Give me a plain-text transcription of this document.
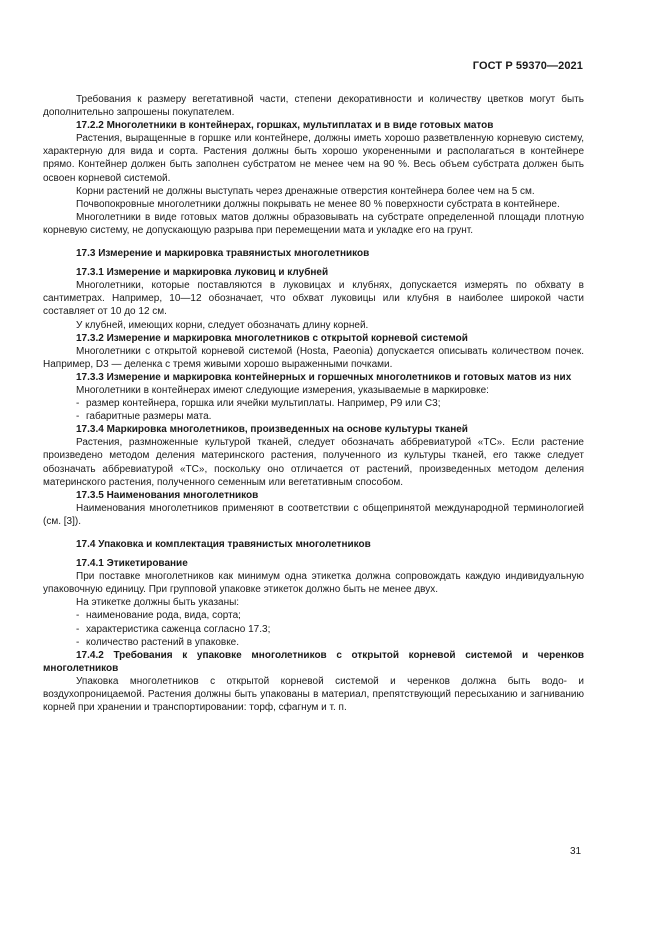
ГОСТ Р 59370—2021

Требования к размеру вегетативной части, степени декоративности и количеству цветков могут быть дополнительно запрошены покупателем.

17.2.2 Многолетники в контейнерах, горшках, мультиплатах и в виде готовых матов

Растения, выращенные в горшке или контейнере, должны иметь хорошо разветвленную корневую систему, характерную для вида и сорта. Растения должны быть хорошо укорененными и располагаться в контейнере прямо. Контейнер должен быть заполнен субстратом не менее чем на 90 %. Весь объем субстрата должен быть освоен корневой системой.

Корни растений не должны выступать через дренажные отверстия контейнера более чем на 5 см.

Почвопокровные многолетники должны покрывать не менее 80 % поверхности субстрата в контейнере.

Многолетники в виде готовых матов должны образовывать на субстрате определенной площади плотную корневую систему, не допускающую разрыва при перемещении мата и укладке его на грунт.

17.3 Измерение и маркировка травянистых многолетников

17.3.1 Измерение и маркировка луковиц и клубней

Многолетники, которые поставляются в луковицах и клубнях, допускается измерять по обхвату в сантиметрах. Например, 10—12 обозначает, что обхват луковицы или клубня в наиболее широкой части составляет от 10 до 12 см.

У клубней, имеющих корни, следует обозначать длину корней.

17.3.2 Измерение и маркировка многолетников с открытой корневой системой

Многолетники с открытой корневой системой (Hosta, Paeonia) допускается описывать количеством почек. Например, D3 — деленка с тремя живыми хорошо выраженными почками.

17.3.3 Измерение и маркировка контейнерных и горшечных многолетников и готовых матов из них

Многолетники в контейнерах имеют следующие измерения, указываемые в маркировке:

- размер контейнера, горшка или ячейки мультиплаты. Например, P9 или C3;

- габаритные размеры мата.

17.3.4 Маркировка многолетников, произведенных на основе культуры тканей

Растения, размноженные культурой тканей, следует обозначать аббревиатурой «TC». Если растение произведено методом деления материнского растения, полученного из культуры тканей, его также следует обозначать аббревиатурой «TC», поскольку оно отличается от растений, произведенных методом деления материнского растения, полученного семенным или вегетативным способом.

17.3.5 Наименования многолетников

Наименования многолетников применяют в соответствии с общепринятой международной терминологией (см. [3]).

17.4 Упаковка и комплектация травянистых многолетников

17.4.1 Этикетирование

При поставке многолетников как минимум одна этикетка должна сопровождать каждую индивидуальную упаковочную единицу. При групповой упаковке этикеток должно быть не менее двух.

На этикетке должны быть указаны:

- наименование рода, вида, сорта;

- характеристика саженца согласно 17.3;

- количество растений в упаковке.

17.4.2 Требования к упаковке многолетников с открытой корневой системой и черенков многолетников

Упаковка многолетников с открытой корневой системой и черенков должна быть водо- и воздухопроницаемой. Растения должны быть упакованы в материал, препятствующий пересыханию и загниванию корней при хранении и транспортировании: торф, сфагнум и т. п.

31
